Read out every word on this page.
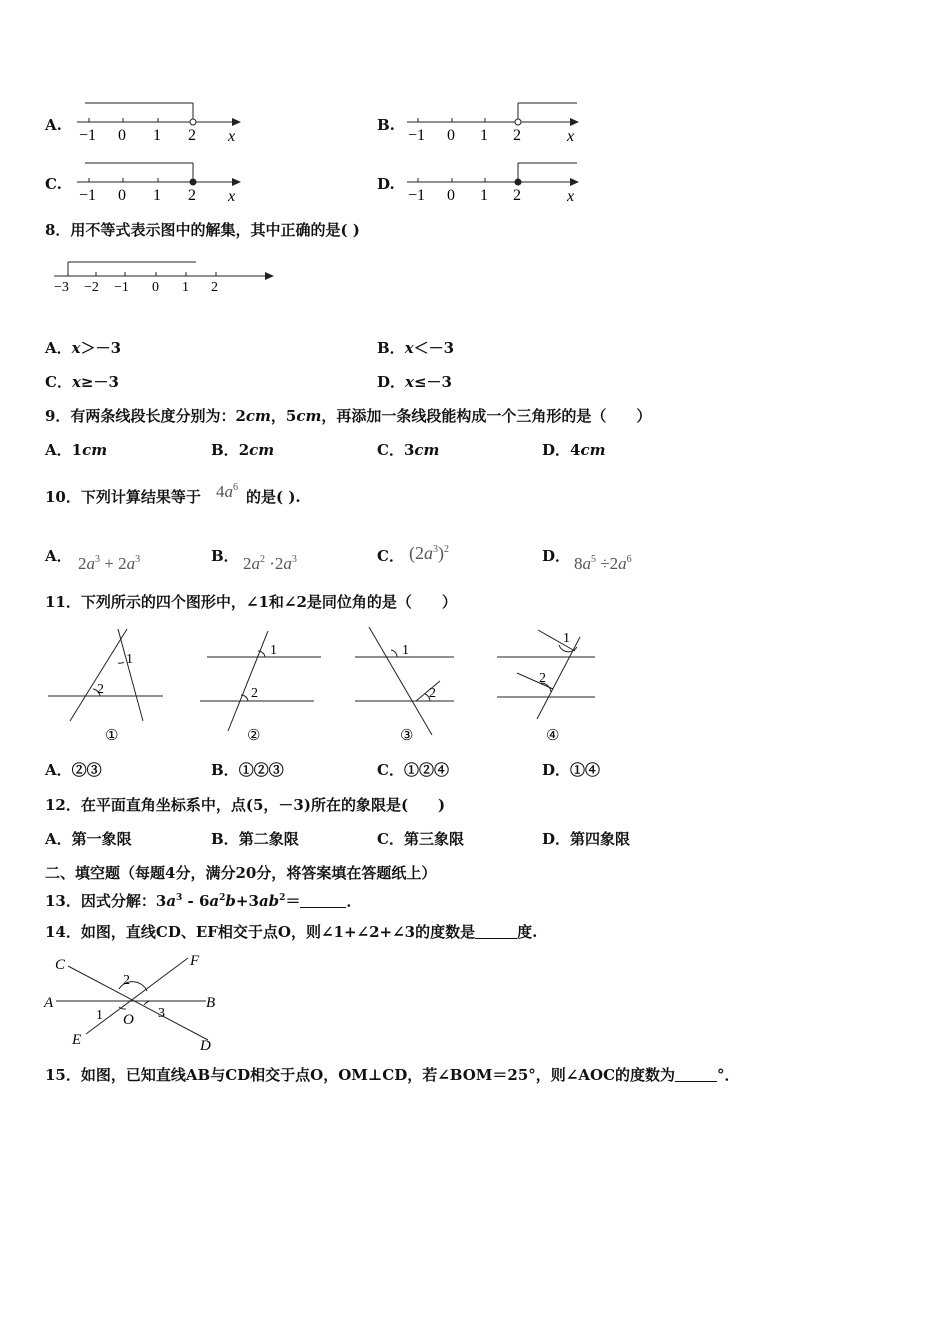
A.	B.
C.	D.
−1 0 1 2 x	−1 0 1 2	x
−1 0 1 2 x	−1 0 1 2	x
8．用不等式表示图中的解集，其中正确的是( )
−3 −2 −1 0 1 2
A．x＞－3	B．x＜－3
C．x≥－3	D．x≤－3
9．有两条线段长度分别为：2cm，5cm，再添加一条线段能构成一个三角形的是（　　）
A．1cm	B．2cm	C．3cm	D．4cm
10．下列计算结果等于 $4a^6$
的是( ).
A． $2a^3 + 2a^3$	B． $2a^2 \cdot 2a^3$	C． $(2a^3)^2$	D． $8a^5 \div 2a^6$
11．下列所示的四个图形中，∠1和∠2是同位角的是（　　）
1
2
①
1
2
②
1
2
③
1
2
④
A．②③	B．①②③	C．①②④	D．①④
12．在平面直角坐标系中，点(5，－3)所在的象限是(　　)
A．第一象限	B．第二象限	C．第三象限	D．第四象限
二、填空题（每题4分，满分20分，将答案填在答题纸上）
13．因式分解：$3a^3 - 6a^2b+3ab^2=$	．
14．如图，直线CD、EF相交于点O，则∠1+∠2+∠3的度数是	度.
C	F
A	B
E	D
O
1
2
3
15．如图，已知直线AB与CD相交于点O，OM⊥CD，若∠BOM＝25°，则∠AOC的度数为	°．
